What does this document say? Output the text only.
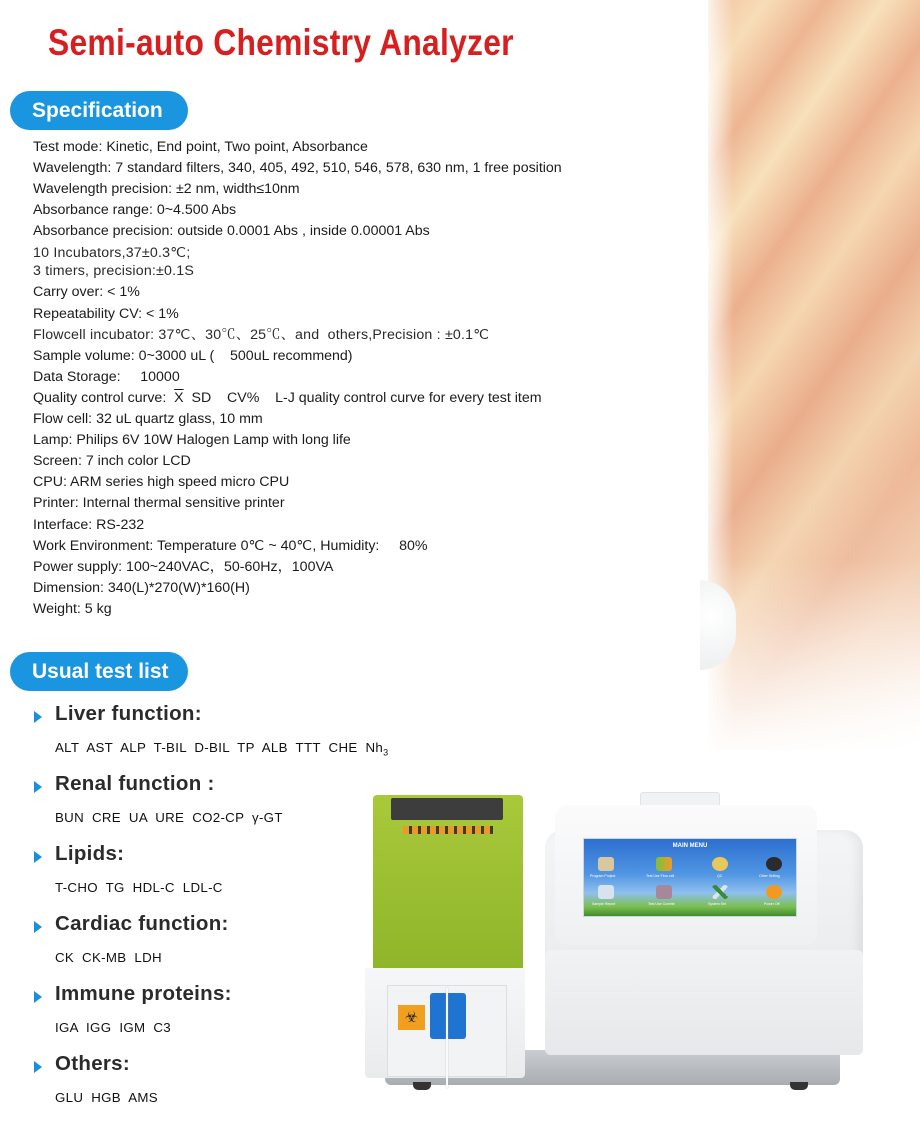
Semi-auto Chemistry Analyzer
Specification
Test mode: Kinetic, End point, Two point, Absorbance
Wavelength: 7 standard filters, 340, 405, 492, 510, 546, 578, 630 nm, 1 free position
Wavelength precision: ±2 nm, width≤10nm
Absorbance range: 0~4.500 Abs
Absorbance precision: outside 0.0001 Abs , inside 0.00001 Abs
10 Incubators,37±0.3℃;
3 timers, precision:±0.1S
Carry over: < 1%
Repeatability CV: < 1%
Flowcell incubator: 37℃、30℃、25℃、and  others,Precision : ±0.1℃
Sample volume: 0~3000 uL (    500uL recommend)
Data Storage:     10000
Quality control curve:  $\overline{X}$  SD    CV%    L-J quality control curve for every test item
Flow cell: 32 uL quartz glass, 10 mm
Lamp: Philips 6V 10W Halogen Lamp with long life
Screen: 7 inch color LCD
CPU: ARM series high speed micro CPU
Printer: Internal thermal sensitive printer
Interface: RS-232
Work Environment: Temperature 0℃ ~ 40℃, Humidity:     80%
Power supply: 100~240VAC，50-60Hz，100VA
Dimension: 340(L)*270(W)*160(H)
Weight: 5 kg
Usual test list
Liver function:
ALT  AST  ALP  T-BIL  D-BIL  TP  ALB  TTT  CHE  $Nh_3$
Renal function :
BUN  CRE  UA  URE  CO2-CP  γ-GT
Lipids:
T-CHO  TG  HDL-C  LDL-C
Cardiac function:
CK  CK-MB  LDH
Immune proteins:
IGA  IGG  IGM  C3
Others:
GLU  HGB  AMS
MAIN MENU
Program Project	Test Use Flow cell	QC	Other Setting
Sample Report	Test Use Cuvette	System Set	Power Off
☣
